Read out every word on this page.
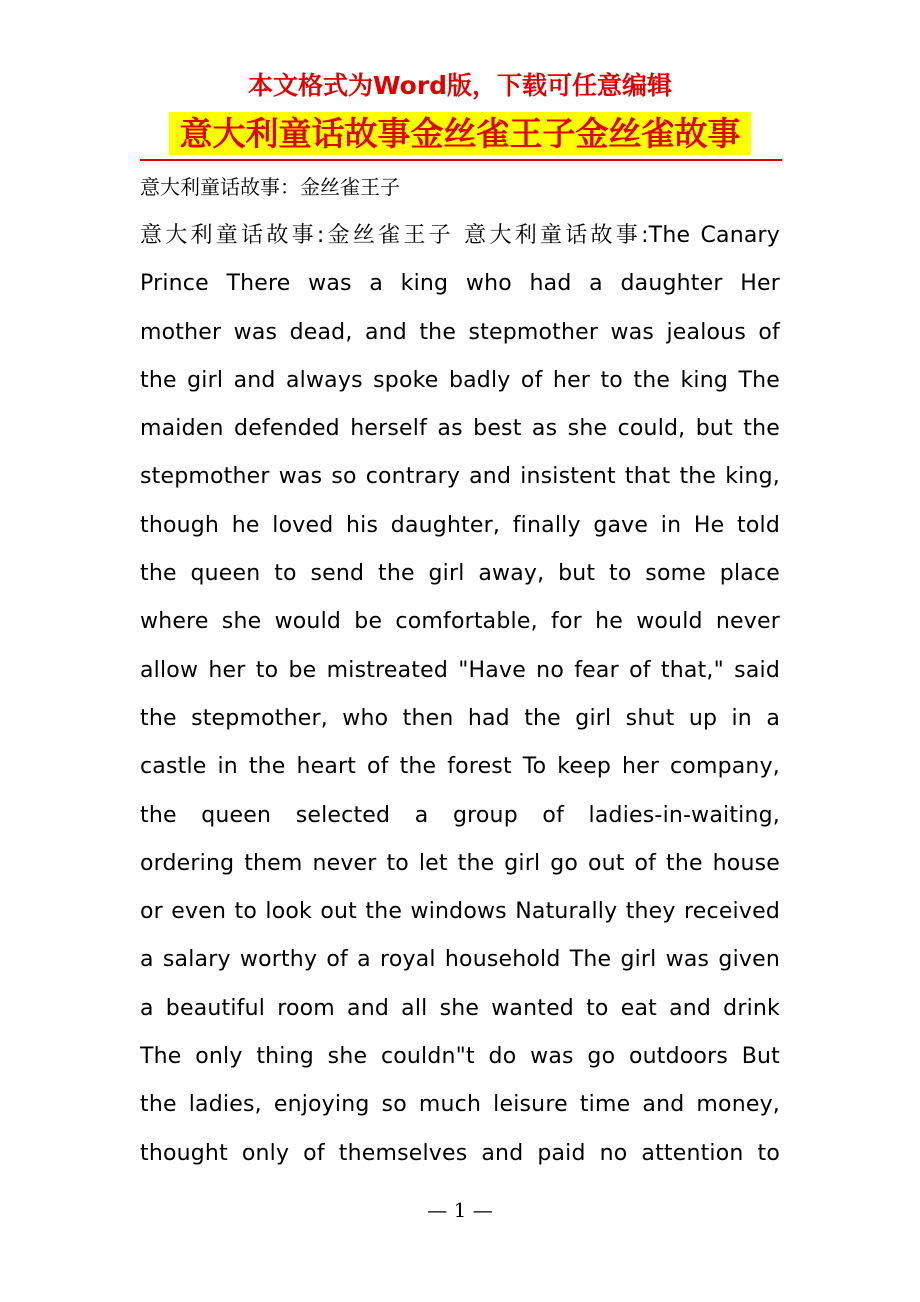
本文格式为Word版，下载可任意编辑
意大利童话故事金丝雀王子金丝雀故事
意大利童话故事：金丝雀王子
意大利童话故事:金丝雀王子 意大利童话故事:The Canary
Prince There was a king who had a daughter Her
mother was dead, and the stepmother was jealous of
the girl and always spoke badly of her to the king The
maiden defended herself as best as she could, but the
stepmother was so contrary and insistent that the king,
though he loved his daughter, finally gave in He told
the queen to send the girl away, but to some place
where she would be comfortable, for he would never
allow her to be mistreated "Have no fear of that," said
the stepmother, who then had the girl shut up in a
castle in the heart of the forest To keep her company,
the queen selected a group of ladies-in-waiting,
ordering them never to let the girl go out of the house
or even to look out the windows Naturally they received
a salary worthy of a royal household The girl was given
a beautiful room and all she wanted to eat and drink
The only thing she couldn"t do was go outdoors But
the ladies, enjoying so much leisure time and money,
thought only of themselves and paid no attention to
— 1 —
